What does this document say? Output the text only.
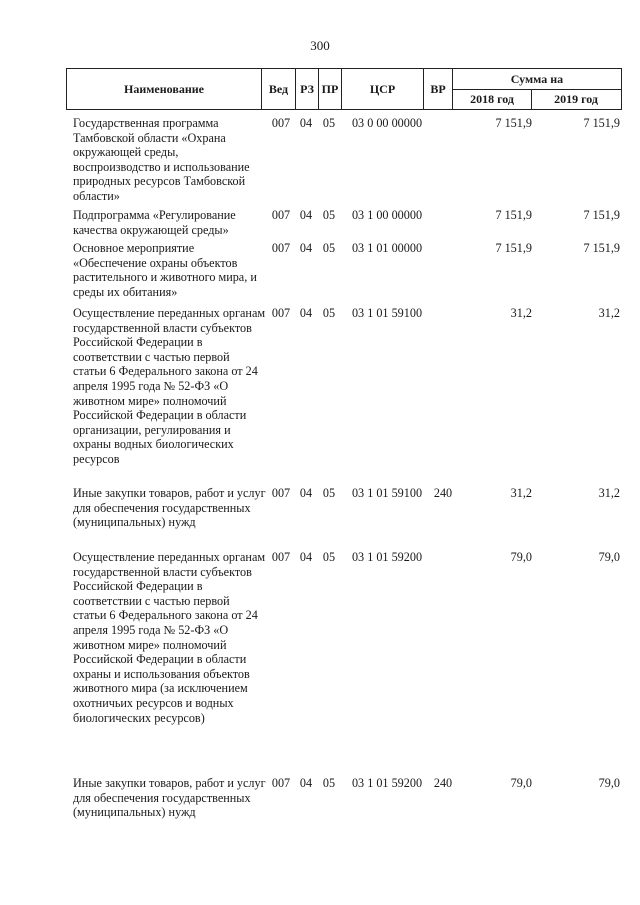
300
Наименование	Вед РЗ ПР	ЦСР	ВР
Сумма на
2018 год	2019 год
Государственная программа Тамбовской области «Охрана окружающей среды, воспроизводство и использование природных ресурсов Тамбовской области»
007 04 05	03 0 00 00000	7 151,9	7 151,9
Подпрограмма «Регулирование качества окружающей среды»
007 04 05	03 1 00 00000	7 151,9	7 151,9
Основное мероприятие «Обеспечение охраны объектов растительного и животного мира, и среды их обитания»
007 04 05	03 1 01 00000	7 151,9	7 151,9
Осуществление переданных органам государственной власти субъектов Российской Федерации в соответствии с частью первой статьи 6 Федерального закона от 24 апреля 1995 года № 52-ФЗ «О животном мире» полномочий Российской Федерации в области организации, регулирования и охраны водных биологических ресурсов
007 04 05	03 1 01 59100	31,2	31,2
Иные закупки товаров, работ и услуг для обеспечения государственных (муниципальных) нужд
007 04 05	03 1 01 59100 240	31,2	31,2
Осуществление переданных органам государственной власти субъектов Российской Федерации в соответствии с частью первой статьи 6 Федерального закона от 24 апреля 1995 года № 52-ФЗ «О животном мире» полномочий Российской Федерации в области охраны и использования объектов животного мира (за исключением охотничьих ресурсов и водных биологических ресурсов)
007 04 05	03 1 01 59200	79,0	79,0
Иные закупки товаров, работ и услуг для обеспечения государственных (муниципальных) нужд
007 04 05	03 1 01 59200 240	79,0	79,0
